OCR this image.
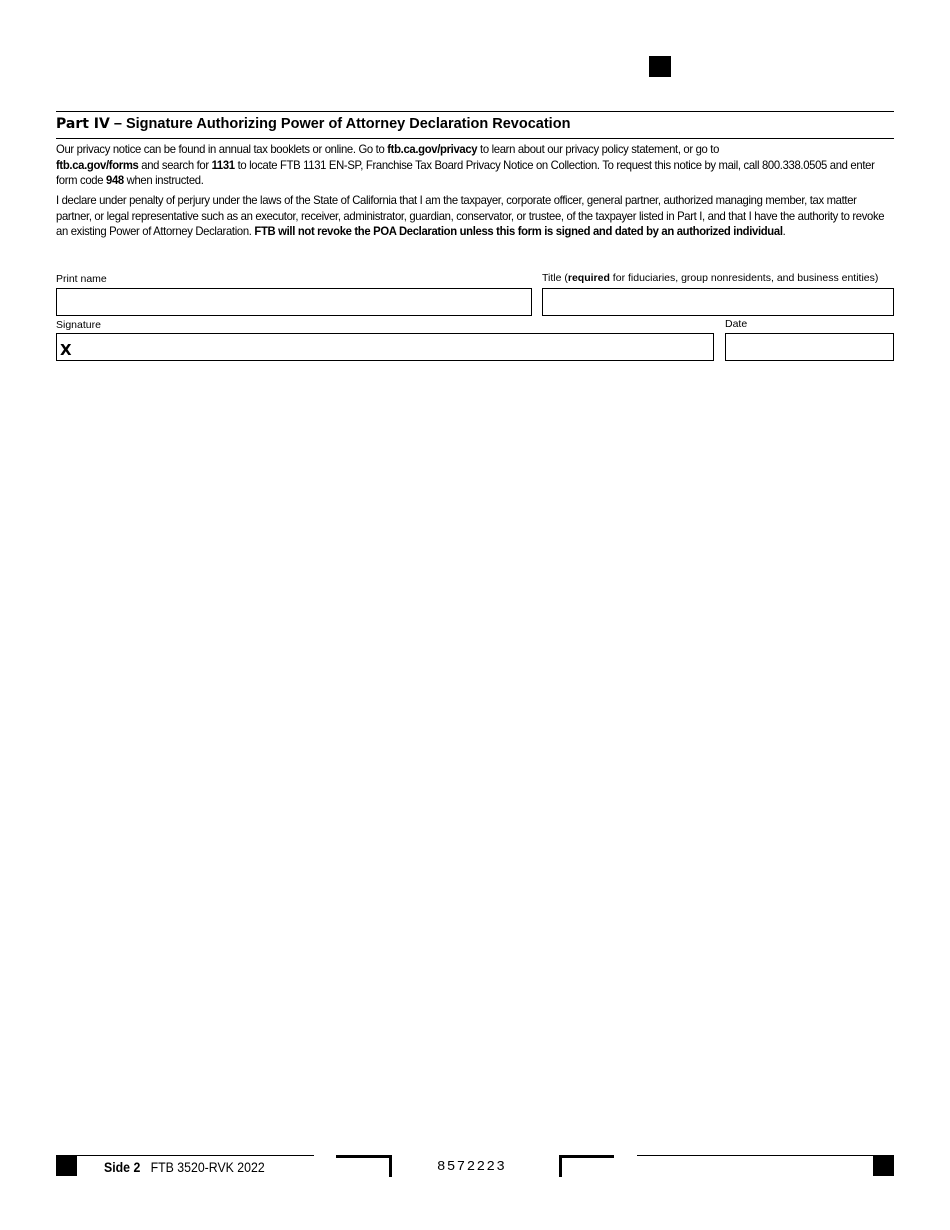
Part IV – Signature Authorizing Power of Attorney Declaration Revocation
Our privacy notice can be found in annual tax booklets or online. Go to ftb.ca.gov/privacy to learn about our privacy policy statement, or go to
ftb.ca.gov/forms and search for 1131 to locate FTB 1131 EN-SP, Franchise Tax Board Privacy Notice on Collection. To request this notice by mail, call 800.338.0505 and enter form code 948 when instructed.
I declare under penalty of perjury under the laws of the State of California that I am the taxpayer, corporate officer, general partner, authorized managing member, tax matter partner, or legal representative such as an executor, receiver, administrator, guardian, conservator, or trustee, of the taxpayer listed in Part I, and that I have the authority to revoke an existing Power of Attorney Declaration. FTB will not revoke the POA Declaration unless this form is signed and dated by an authorized individual.
Print name	Title (required for fiduciaries, group nonresidents, and business entities)
Signature
X
Date
Side 2 FTB 3520-RVK 2022	8572223
